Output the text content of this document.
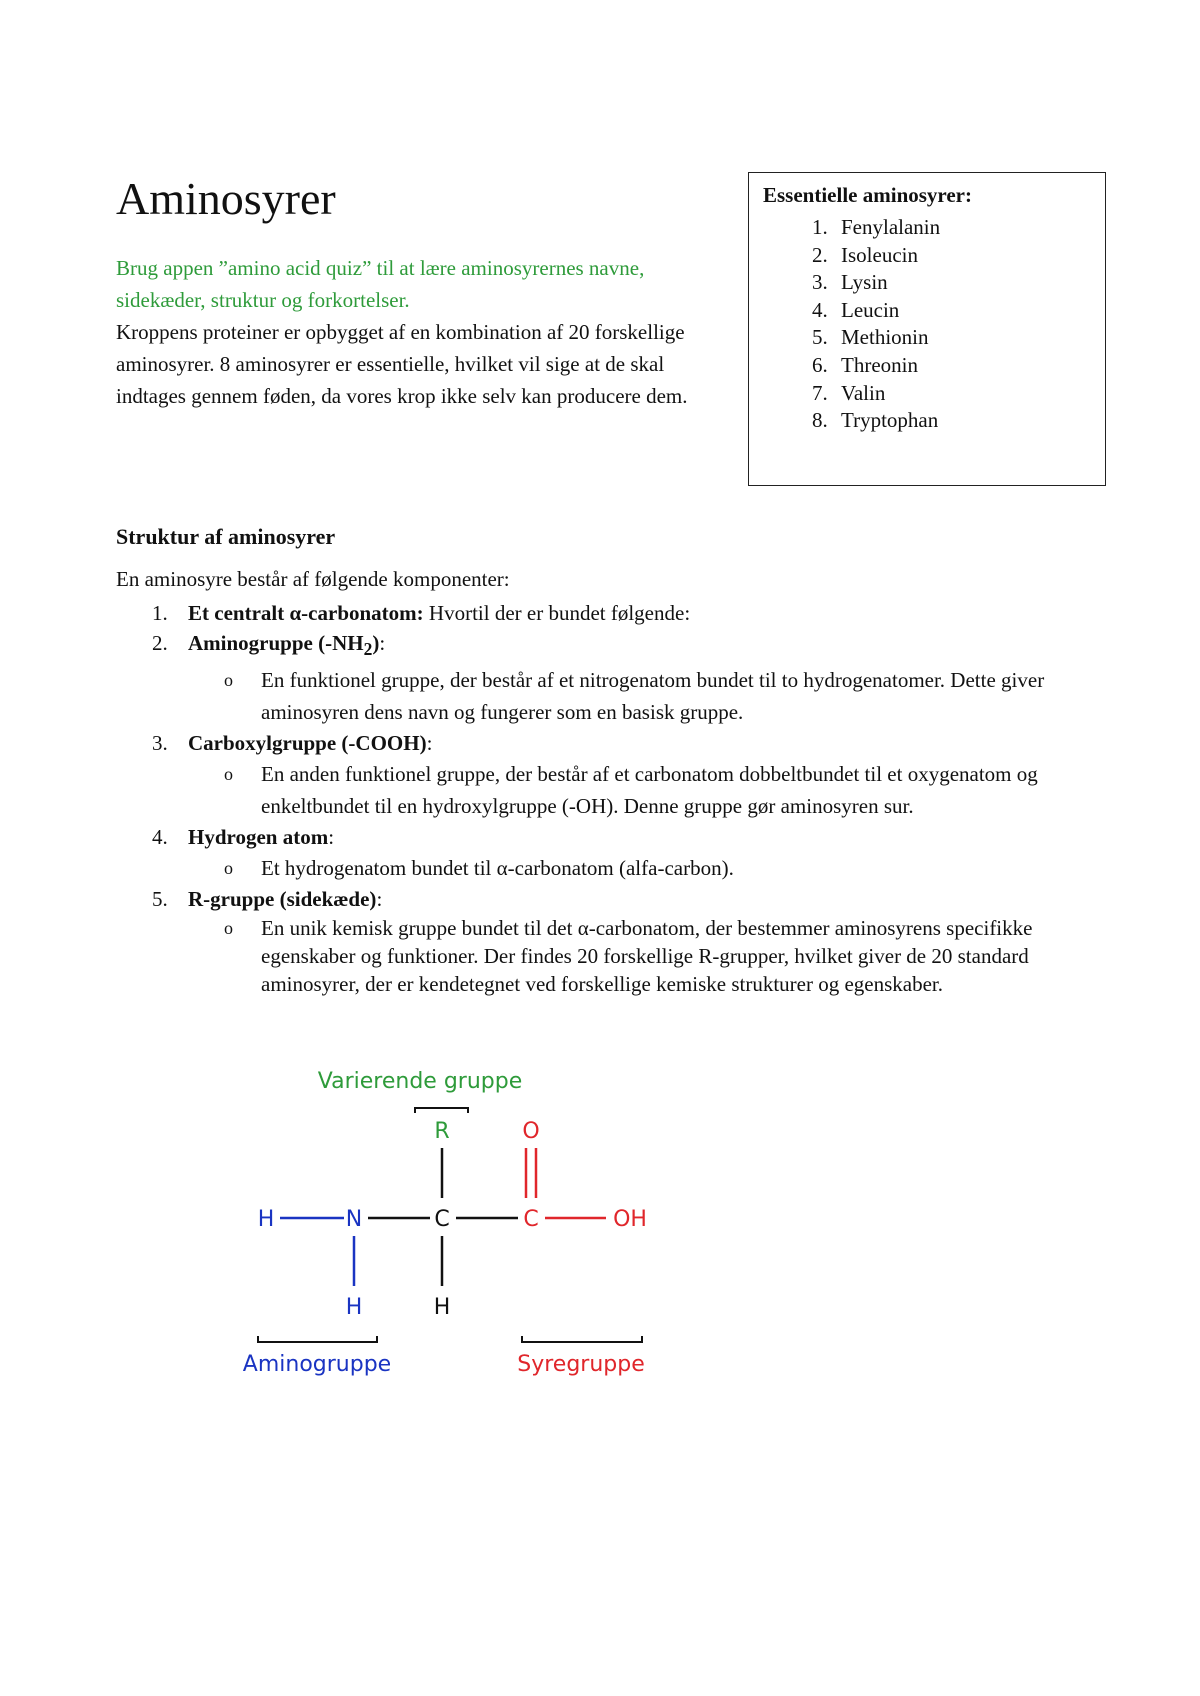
Aminosyrer
Brug appen ”amino acid quiz” til at lære aminosyrernes navne, sidekæder, struktur og forkortelser.
Kroppens proteiner er opbygget af en kombination af 20 forskellige aminosyrer. 8 aminosyrer er essentielle, hvilket vil sige at de skal indtages gennem føden, da vores krop ikke selv kan producere dem.
Essentielle aminosyrer:
1. Fenylalanin
2. Isoleucin
3. Lysin
4. Leucin
5. Methionin
6. Threonin
7. Valin
8. Tryptophan
Struktur af aminosyrer

En aminosyre består af følgende komponenter:

1. Et centralt α-carbonatom: Hvortil der er bundet følgende:
2. Aminogruppe $(-NH_2)$:
o En funktionel gruppe, der består af et nitrogenatom bundet til to hydrogenatomer. Dette giver aminosyren dens navn og fungerer som en basisk gruppe.
3. Carboxylgruppe (-COOH):
o En anden funktionel gruppe, der består af et carbonatom dobbeltbundet til et oxygenatom og enkeltbundet til en hydroxylgruppe (-OH). Denne gruppe gør aminosyren sur.
4. Hydrogen atom:
o Et hydrogenatom bundet til α-carbonatom (alfa-carbon).
5. R-gruppe (sidekæde):
o En unik kemisk gruppe bundet til det α-carbonatom, der bestemmer aminosyrens specifikke egenskaber og funktioner. Der findes 20 forskellige R-grupper, hvilket giver de 20 standard aminosyrer, der er kendetegnet ved forskellige kemiske strukturer og egenskaber.
Varierende gruppe
R	O
H	N	C	C	OH
H	H
Aminogruppe	Syregruppe
